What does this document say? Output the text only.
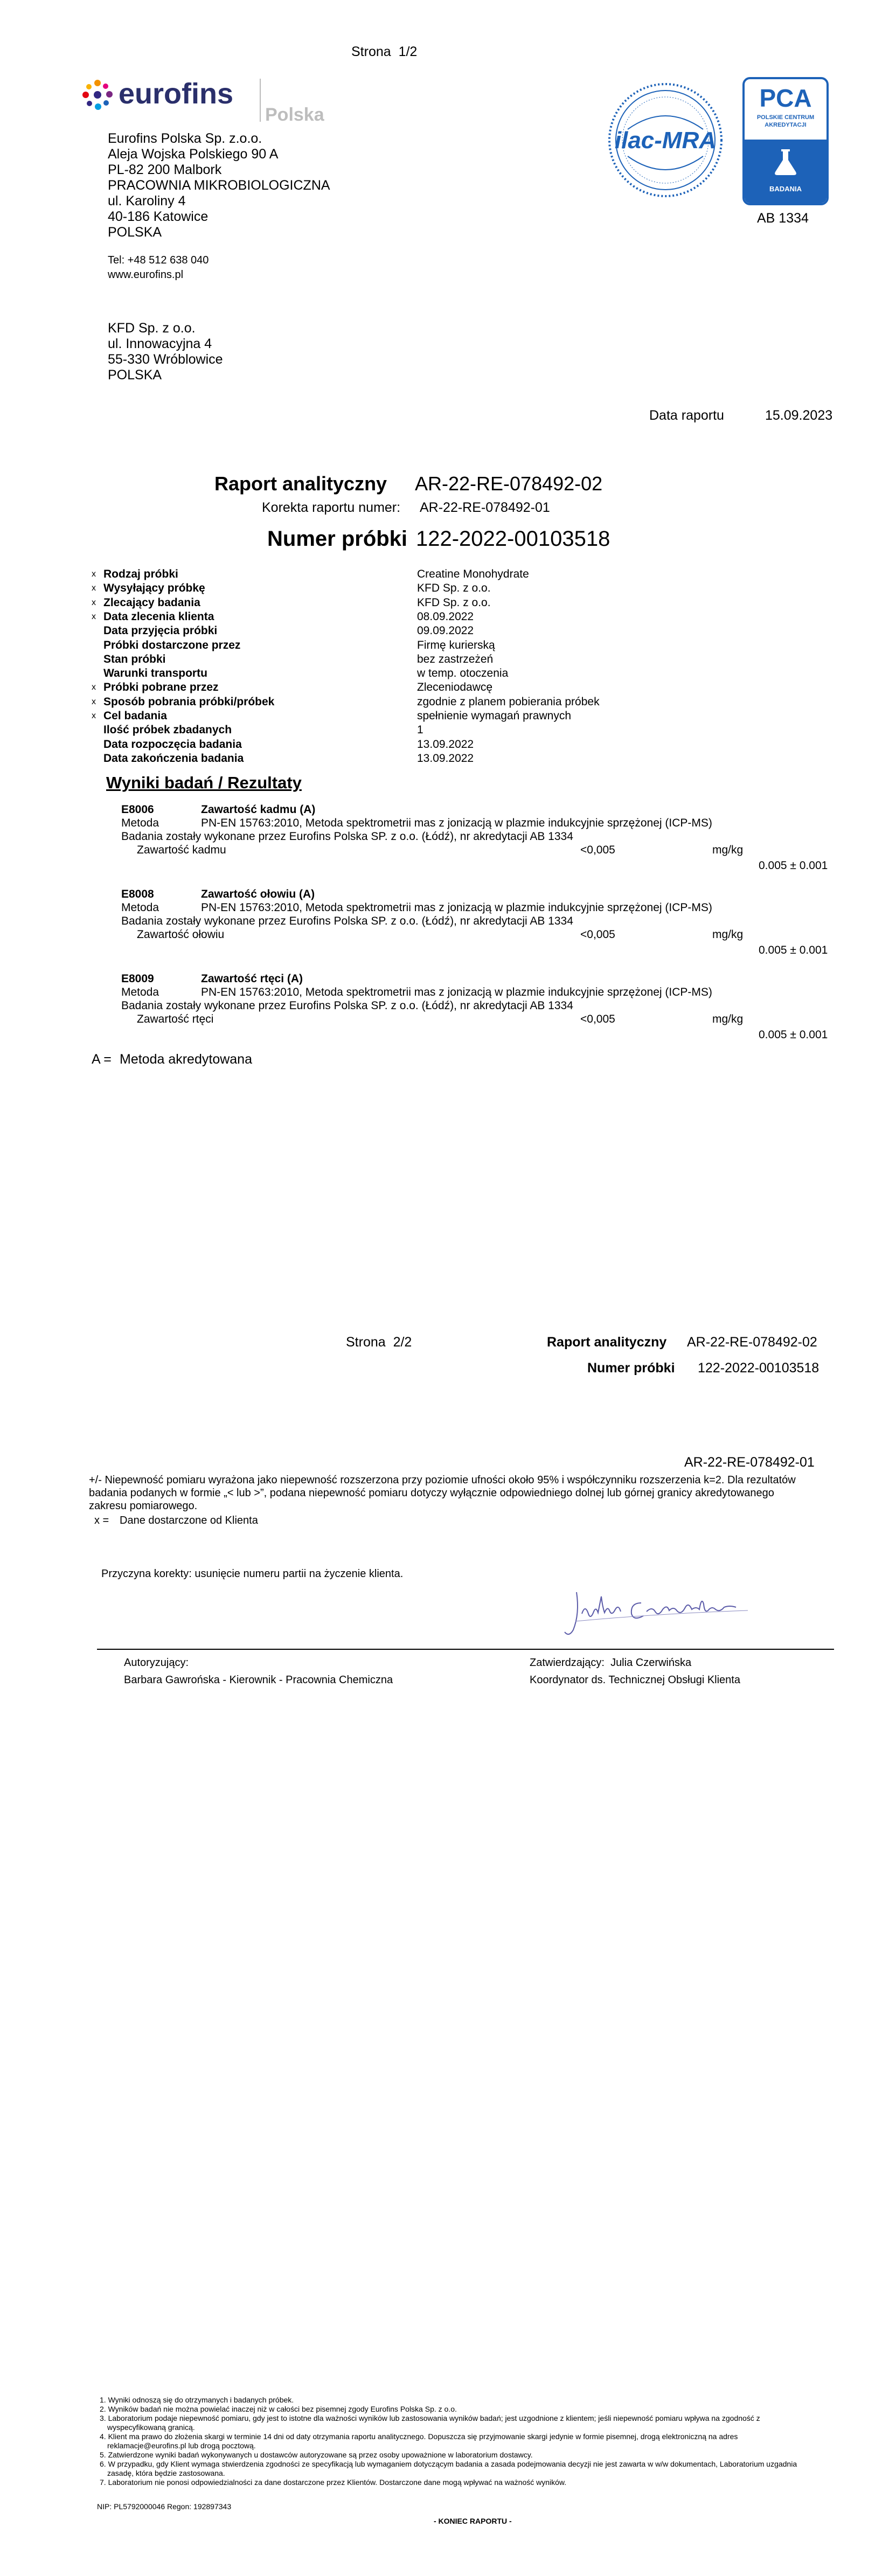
Strona 1/2
eurofins
Polska
Eurofins Polska Sp. z.o.o.
Aleja Wojska Polskiego 90 A
PL-82 200 Malbork
PRACOWNIA MIKROBIOLOGICZNA
ul. Karoliny 4
40-186 Katowice
POLSKA
Tel: +48 512 638 040
www.eurofins.pl
ilac-MRA
PCA
POLSKIE CENTRUM
AKREDYTACJI
BADANIA
AB 1334
KFD Sp. z o.o.
ul. Innowacyjna 4
55-330 Wróblowice
POLSKA
Data raportu	15.09.2023
Raport analityczny AR-22-RE-078492-02
Korekta raportu numer: AR-22-RE-078492-01
Numer próbki 122-2022-00103518
x Rodzaj próbki	Creatine Monohydrate
x Wysyłający próbkę	KFD Sp. z o.o.
x Zlecający badania	KFD Sp. z o.o.
x Data zlecenia klienta	08.09.2022
Data przyjęcia próbki	09.09.2022
Próbki dostarczone przez	Firmę kurierską
Stan próbki	bez zastrzeżeń
Warunki transportu	w temp. otoczenia
x Próbki pobrane przez	Zleceniodawcę
x Sposób pobrania próbki/próbek	zgodnie z planem pobierania próbek
x Cel badania	spełnienie wymagań prawnych
Ilość próbek zbadanych	1
Data rozpoczęcia badania	13.09.2022
Data zakończenia badania	13.09.2022
Wyniki badań / Rezultaty
E8006	Zawartość kadmu (A)
Metoda	PN-EN 15763:2010, Metoda spektrometrii mas z jonizacją w plazmie indukcyjnie sprzężonej (ICP-MS)
Badania zostały wykonane przez Eurofins Polska SP. z o.o. (Łódź), nr akredytacji AB 1334
Zawartość kadmu	<0,005	mg/kg
0.005 ± 0.001
E8008	Zawartość ołowiu (A)
Metoda	PN-EN 15763:2010, Metoda spektrometrii mas z jonizacją w plazmie indukcyjnie sprzężonej (ICP-MS)
Badania zostały wykonane przez Eurofins Polska SP. z o.o. (Łódź), nr akredytacji AB 1334
Zawartość ołowiu	<0,005	mg/kg
0.005 ± 0.001
E8009	Zawartość rtęci (A)
Metoda	PN-EN 15763:2010, Metoda spektrometrii mas z jonizacją w plazmie indukcyjnie sprzężonej (ICP-MS)
Badania zostały wykonane przez Eurofins Polska SP. z o.o. (Łódź), nr akredytacji AB 1334
Zawartość rtęci	<0,005	mg/kg
0.005 ± 0.001
A = Metoda akredytowana
Strona 2/2	Raport analityczny AR-22-RE-078492-02
Numer próbki 122-2022-00103518
AR-22-RE-078492-01
+/- Niepewność pomiaru wyrażona jako niepewność rozszerzona przy poziomie ufności około 95% i współczynniku rozszerzenia k=2. Dla rezultatów badania podanych w formie „< lub >”, podana niepewność pomiaru dotyczy wyłącznie odpowiedniego dolnej lub górnej granicy akredytowanego zakresu pomiarowego.
x = Dane dostarczone od Klienta
Przyczyna korekty: usunięcie numeru partii na życzenie klienta.
Autoryzujący:
Barbara Gawrońska - Kierownik - Pracownia Chemiczna
Zatwierdzający: Julia Czerwińska
Koordynator ds. Technicznej Obsługi Klienta
1. Wyniki odnoszą się do otrzymanych i badanych próbek.
2. Wyników badań nie można powielać inaczej niż w całości bez pisemnej zgody Eurofins Polska Sp. z o.o.
3. Laboratorium podaje niepewność pomiaru, gdy jest to istotne dla ważności wyników lub zastosowania wyników badań; jest uzgodnione z klientem; jeśli niepewność pomiaru wpływa na zgodność z wyspecyfikowaną granicą.
4. Klient ma prawo do złożenia skargi w terminie 14 dni od daty otrzymania raportu analitycznego. Dopuszcza się przyjmowanie skargi jedynie w formie pisemnej, drogą elektroniczną na adres reklamacje@eurofins.pl lub drogą pocztową.
5. Zatwierdzone wyniki badań wykonywanych u dostawców autoryzowane są przez osoby upoważnione w laboratorium dostawcy.
6. W przypadku, gdy Klient wymaga stwierdzenia zgodności ze specyfikacją lub wymaganiem dotyczącym badania a zasada podejmowania decyzji nie jest zawarta w w/w dokumentach, Laboratorium uzgadnia zasadę, która będzie zastosowana.
7. Laboratorium nie ponosi odpowiedzialności za dane dostarczone przez Klientów. Dostarczone dane mogą wpływać na ważność wyników.
NIP: PL5792000046 Regon: 192897343
- KONIEC RAPORTU -
